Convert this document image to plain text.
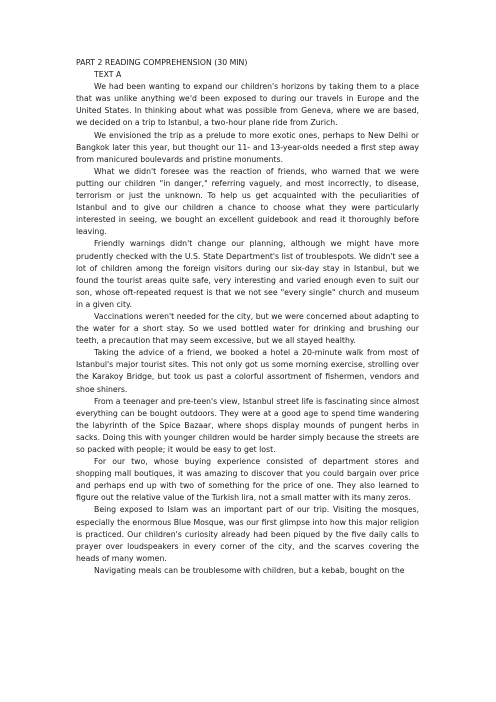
PART 2 READING COMPREHENSION (30 MIN)

TEXT A

We had been wanting to expand our children's horizons by taking them to a place that was unlike anything we'd been exposed to during our travels in Europe and the United States. In thinking about what was possible from Geneva, where we are based, we decided on a trip to Istanbul, a two-hour plane ride from Zurich.

We envisioned the trip as a prelude to more exotic ones, perhaps to New Delhi or Bangkok later this year, but thought our 11- and 13-year-olds needed a first step away from manicured boulevards and pristine monuments.

What we didn't foresee was the reaction of friends, who warned that we were putting our children "in danger," referring vaguely, and most incorrectly, to disease, terrorism or just the unknown. To help us get acquainted with the peculiarities of Istanbul and to give our children a chance to choose what they were particularly interested in seeing, we bought an excellent guidebook and read it thoroughly before leaving.

Friendly warnings didn't change our planning, although we might have more prudently checked with the U.S. State Department's list of troublespots. We didn't see a lot of children among the foreign visitors during our six-day stay in Istanbul, but we found the tourist areas quite safe, very interesting and varied enough even to suit our son, whose oft-repeated request is that we not see "every single" church and museum in a given city.

Vaccinations weren't needed for the city, but we were concerned about adapting to the water for a short stay. So we used bottled water for drinking and brushing our teeth, a precaution that may seem excessive, but we all stayed healthy.

Taking the advice of a friend, we booked a hotel a 20-minute walk from most of Istanbul's major tourist sites. This not only got us some morning exercise, strolling over the Karakoy Bridge, but took us past a colorful assortment of fishermen, vendors and shoe shiners.

From a teenager and pre-teen's view, Istanbul street life is fascinating since almost everything can be bought outdoors. They were at a good age to spend time wandering the labyrinth of the Spice Bazaar, where shops display mounds of pungent herbs in sacks. Doing this with younger children would be harder simply because the streets are so packed with people; it would be easy to get lost.

For our two, whose buying experience consisted of department stores and shopping mall boutiques, it was amazing to discover that you could bargain over price and perhaps end up with two of something for the price of one. They also learned to figure out the relative value of the Turkish lira, not a small matter with its many zeros.

Being exposed to Islam was an important part of our trip. Visiting the mosques, especially the enormous Blue Mosque, was our first glimpse into how this major religion is practiced. Our children's curiosity already had been piqued by the five daily calls to prayer over loudspeakers in every corner of the city, and the scarves covering the heads of many women.

Navigating meals can be troublesome with children, but a kebab, bought on the
